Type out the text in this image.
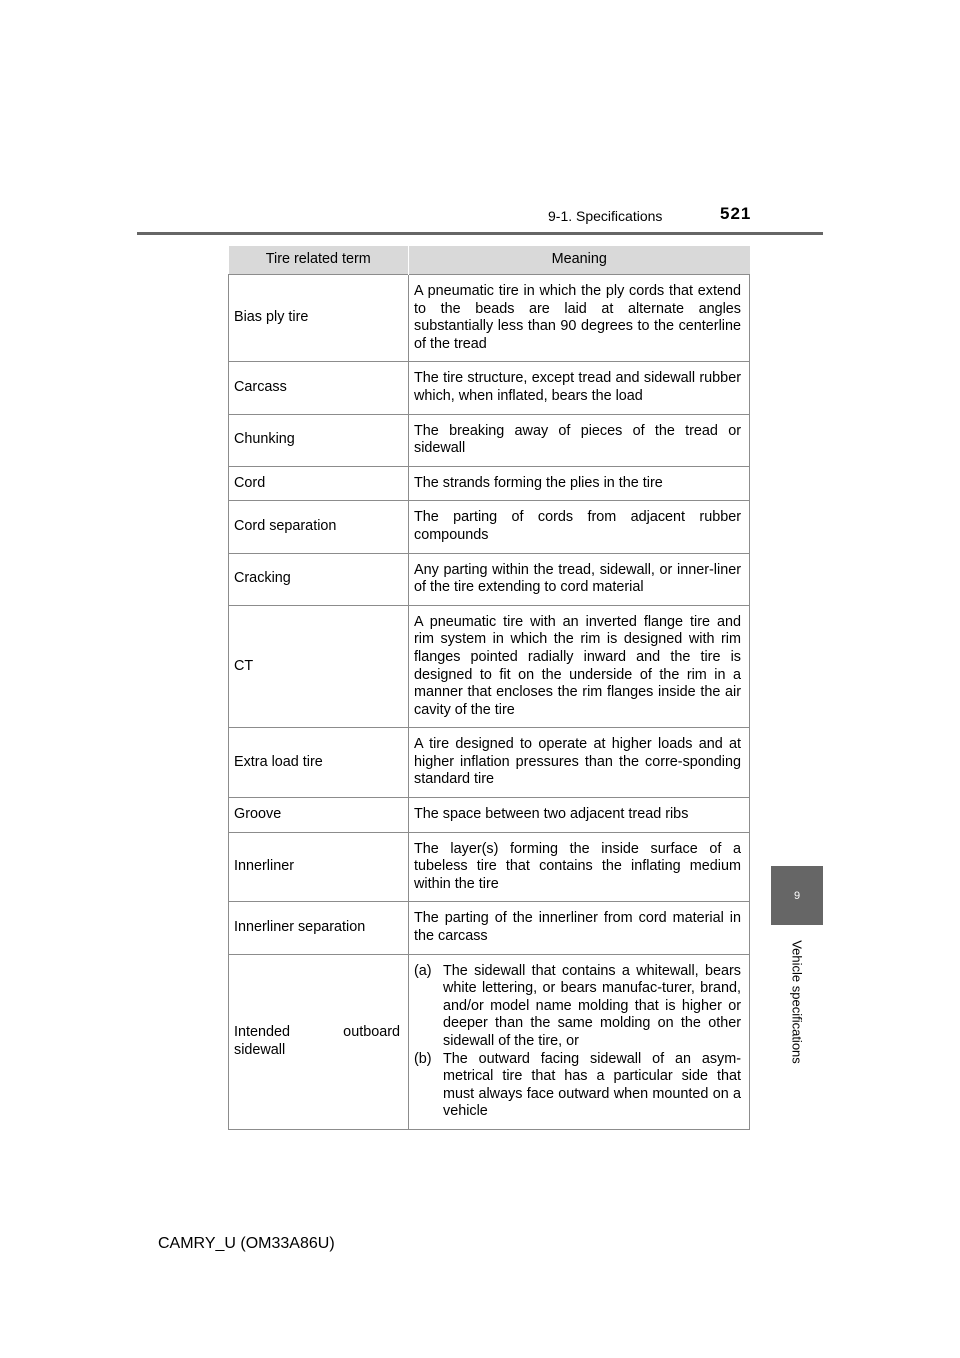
9-1. Specifications	521
9
Vehicle specifications
Tire related term	Meaning
Bias ply tire	A pneumatic tire in which the ply cords that extend to the beads are laid at alternate angles substantially less than 90 degrees to the centerline of the tread
Carcass	The tire structure, except tread and sidewall rubber which, when inflated, bears the load
Chunking	The breaking away of pieces of the tread or sidewall
Cord	The strands forming the plies in the tire
Cord separation	The parting of cords from adjacent rubber compounds
Cracking	Any parting within the tread, sidewall, or inner-liner of the tire extending to cord material
CT	A pneumatic tire with an inverted flange tire and rim system in which the rim is designed with rim flanges pointed radially inward and the tire is designed to fit on the underside of the rim in a manner that encloses the rim flanges inside the air cavity of the tire
Extra load tire	A tire designed to operate at higher loads and at higher inflation pressures than the corre-sponding standard tire
Groove	The space between two adjacent tread ribs
Innerliner	The layer(s) forming the inside surface of a tubeless tire that contains the inflating medium within the tire
Innerliner separation	The parting of the innerliner from cord material in the carcass
Intended outboard sidewall	(a) The sidewall that contains a whitewall, bears white lettering, or bears manufac-turer, brand, and/or model name molding that is higher or deeper than the same molding on the other sidewall of the tire, or
(b) The outward facing sidewall of an asym-metrical tire that has a particular side that must always face outward when mounted on a vehicle
CAMRY_U (OM33A86U)
